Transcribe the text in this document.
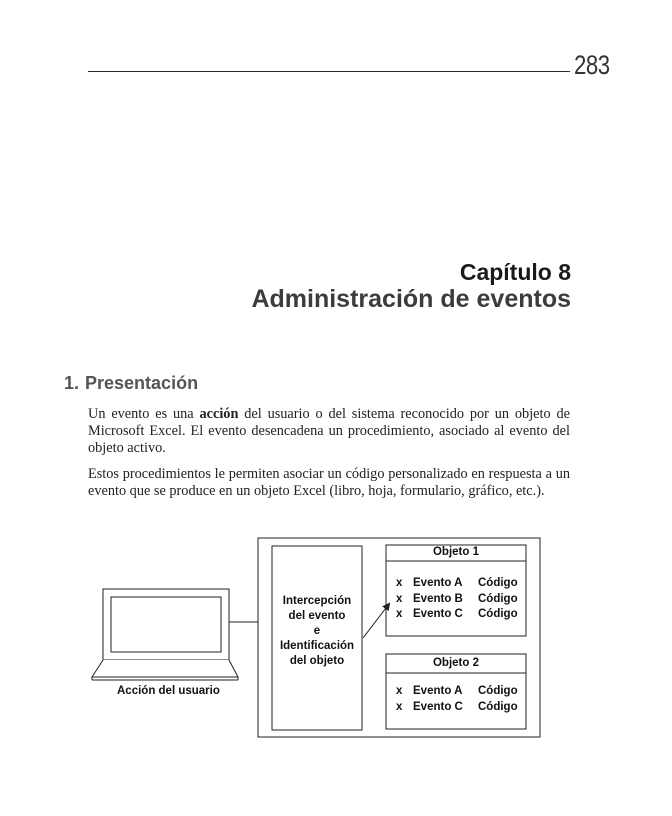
283
Capítulo 8
Administración de eventos
1. Presentación

Un evento es una acción del usuario o del sistema reconocido por un objeto de Microsoft Excel. El evento desencadena un procedimiento, asociado al evento del objeto activo.

Estos procedimientos le permiten asociar un código personalizado en respuesta a un evento que se produce en un objeto Excel (libro, hoja, formulario, gráfico, etc.).

Acción del usuario
Intercepción
del evento
e
Identificación
del objeto
Objeto 1
x Evento A Código
x Evento B Código
x Evento C Código
Objeto 2
x Evento A Código
x Evento C Código
